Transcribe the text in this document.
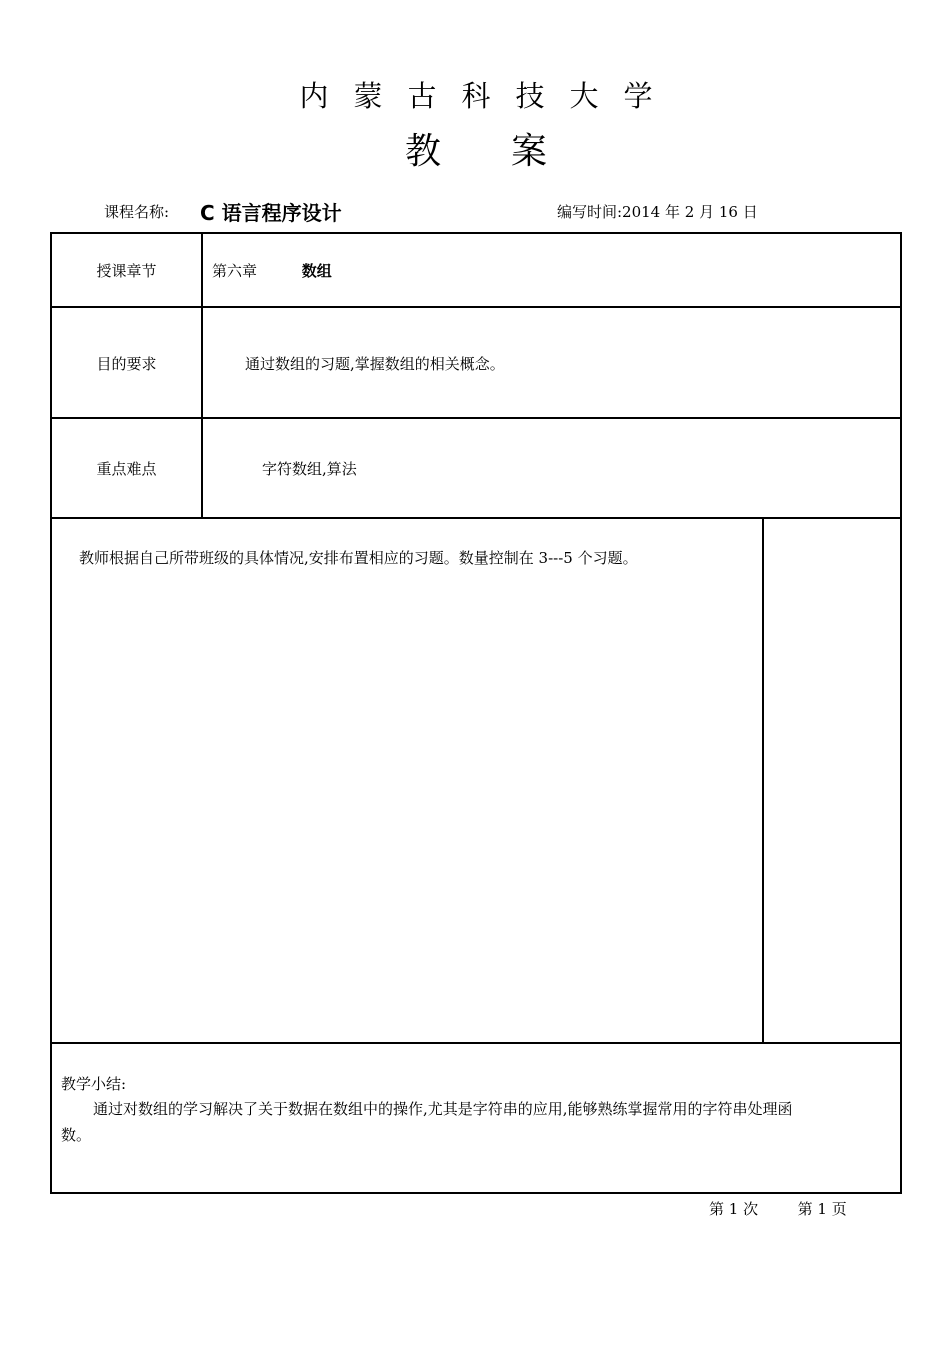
内蒙古科技大学
教 案
课程名称: C 语言程序设计	编写时间:2014 年 2 月 16 日
授课章节	第六章	数组
目的要求	通过数组的习题,掌握数组的相关概念。
重点难点	字符数组,算法
教师根据自己所带班级的具体情况,安排布置相应的习题。数量控制在 3---5 个习题。
教学小结:
通过对数组的学习解决了关于数据在数组中的操作,尤其是字符串的应用,能够熟练掌握常用的字符串处理函
数。
第 1 次	第 1 页
